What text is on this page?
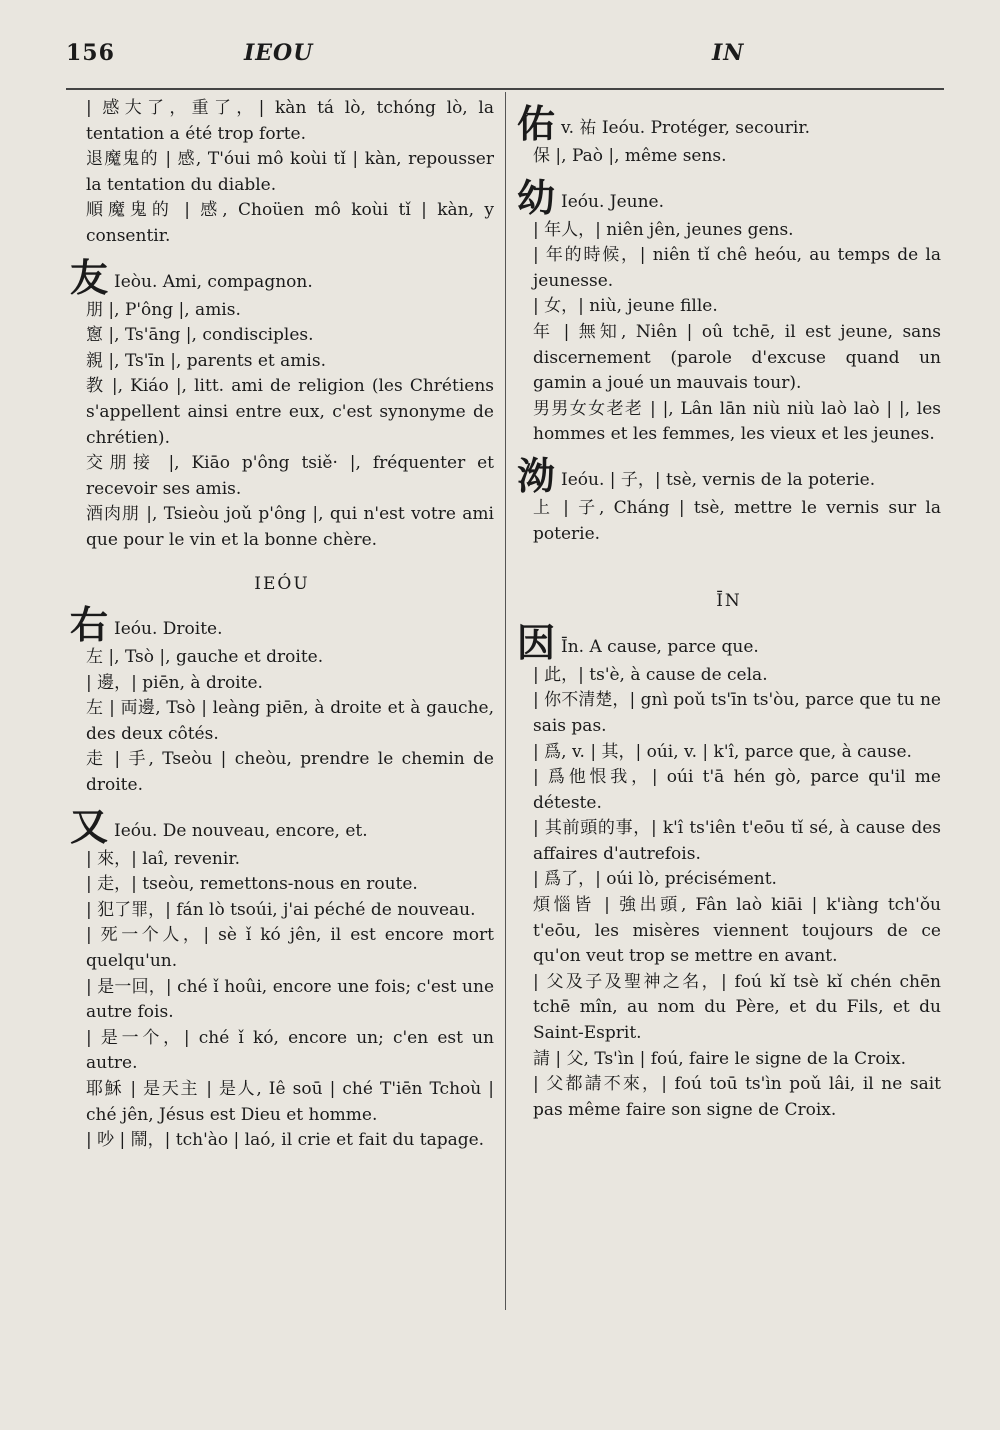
156	IEOU	IN

| 感大了，重了，| kàn tá lò, tchóng lò, la tentation a été trop forte.

退魔鬼的 | 感, T'óui mô koùi tǐ | kàn, repousser la tentation du diable.

順魔鬼的 | 感, Choüen mô koùi tǐ | kàn, y consentir.

友 Ieòu. Ami, compagnon.

朋 |, P'ông |, amis.

窻 |, Ts'āng |, condisciples.

親 |, Ts'īn |, parents et amis.

教 |, Kiáo |, litt. ami de religion (les Chrétiens s'appellent ainsi entre eux, c'est synonyme de chrétien).

交朋接 |, Kiāo p'ông tsiě· |, fréquenter et recevoir ses amis.

酒肉朋 |, Tsieòu joǔ p'ông |, qui n'est votre ami que pour le vin et la bonne chère.

IEÓU

右 Ieóu. Droite.

左 |, Tsò |, gauche et droite.

| 邊，| piēn, à droite.

左 | 両邊, Tsò | leàng piēn, à droite et à gauche, des deux côtés.

走 | 手, Tseòu | cheòu, prendre le chemin de droite.

又 Ieóu. De nouveau, encore, et.

| 來，| laî, revenir.

| 走，| tseòu, remettons-nous en route.

| 犯了罪，| fán lò tsoúi, j'ai péché de nouveau.

| 死一个人，| sè ǐ kó jên, il est encore mort quelqu'un.

| 是一回，| ché ǐ hoûi, encore une fois; c'est une autre fois.

| 是一个，| ché ǐ kó, encore un; c'en est un autre.

耶穌 | 是天主 | 是人, Iê soū | ché T'iēn Tchoù | ché jên, Jésus est Dieu et homme.

| 吵 | 鬧，| tch'ào | laó, il crie et fait du tapage.

佑v. 祐 Ieóu. Protéger, secourir.

保 |, Paò |, même sens.

幼 Ieóu. Jeune.

| 年人，| niên jên, jeunes gens.

| 年的時候，| niên tǐ chê heóu, au temps de la jeunesse.

| 女，| niù, jeune fille.

年 | 無知, Niên | oû tchē, il est jeune, sans discernement (parole d'excuse quand un gamin a joué un mauvais tour).

男男女女老老 | |, Lân lān niù niù laò laò | |, les hommes et les femmes, les vieux et les jeunes.

泑 Ieóu. | 子，| tsè, vernis de la poterie.

上 | 子, Cháng | tsè, mettre le vernis sur la poterie.

ĪN

因 Īn. A cause, parce que.

| 此，| ts'è, à cause de cela.

| 你不清楚，| gnì poǔ ts'īn ts'òu, parce que tu ne sais pas.

| 爲, v. | 其，| oúi, v. | k'î, parce que, à cause.

| 爲他恨我，| oúi t'ā hén gò, parce qu'il me déteste.

| 其前頭的事，| k'î ts'iên t'eōu tǐ sé, à cause des affaires d'autrefois.

| 爲了，| oúi lò, précisément.

煩惱皆 | 強出頭, Fân laò kiāi | k'iàng tch'ǒu t'eōu, les misères viennent toujours de ce qu'on veut trop se mettre en avant.

| 父及子及聖神之名，| foú kǐ tsè kǐ chén chēn tchē mîn, au nom du Père, et du Fils, et du Saint-Esprit.

請 | 父, Ts'ìn | foú, faire le signe de la Croix.

| 父都請不來，| foú toū ts'ìn poǔ lâi, il ne sait pas même faire son signe de Croix.
